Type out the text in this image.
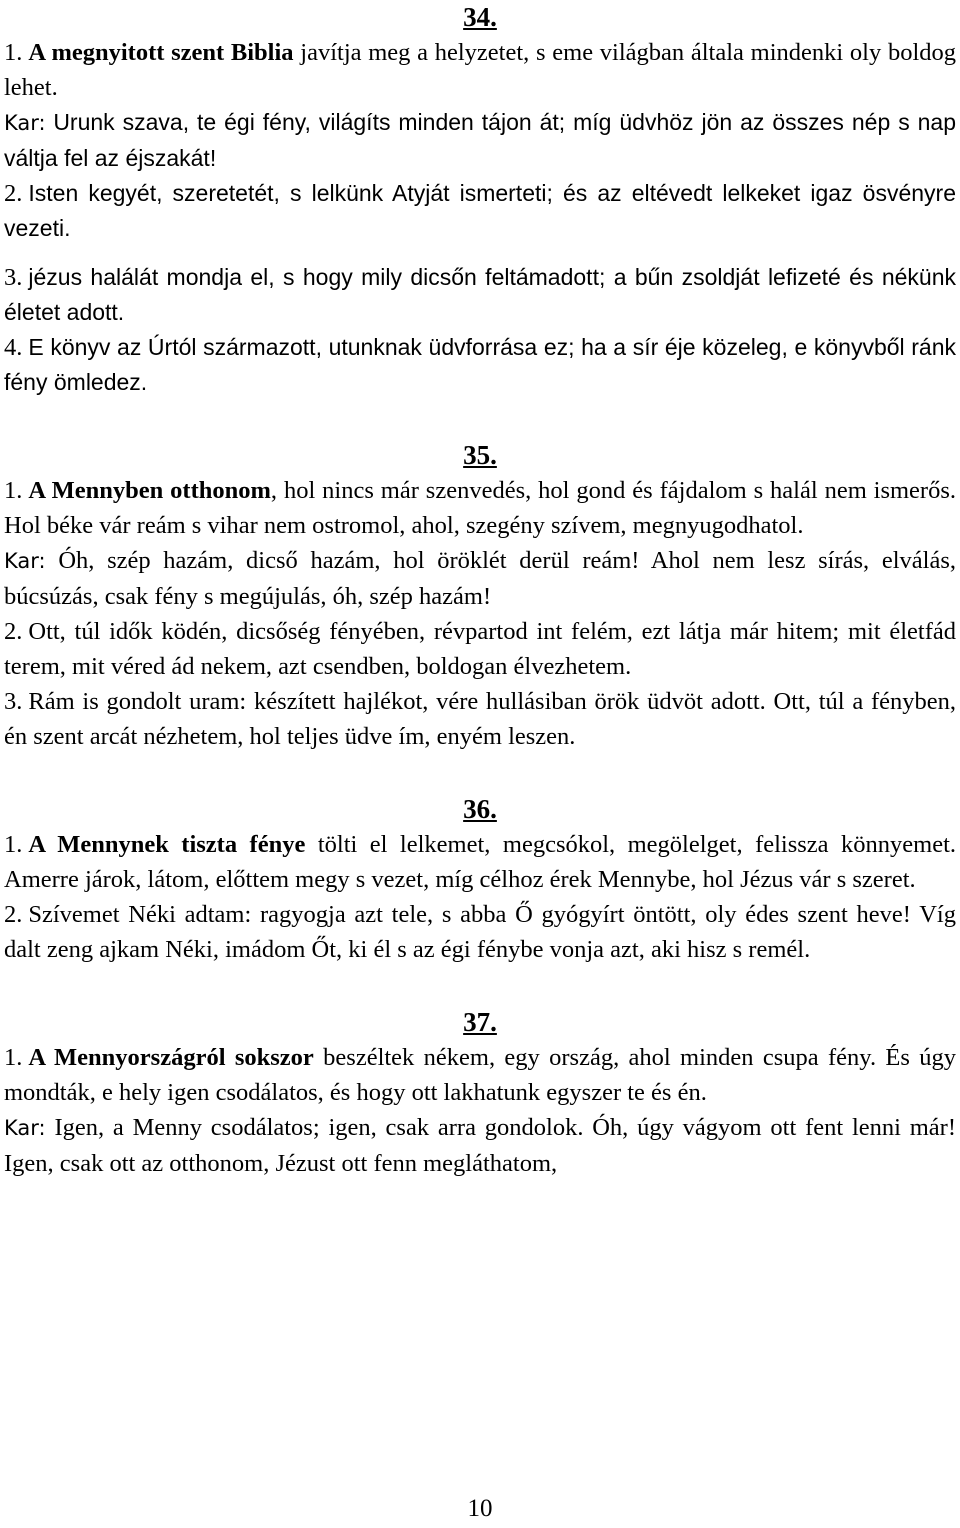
34.

1. A megnyitott szent Biblia javítja meg a helyzetet, s eme világban általa mindenki oly boldog lehet.

Kar: Urunk szava, te égi fény, világíts minden tájon át; míg üdvhöz jön az összes nép s nap váltja fel az éjszakát!

2. Isten kegyét, szeretetét, s lelkünk Atyját ismerteti; és az eltévedt lelkeket igaz ösvényre vezeti.

3. jézus halálát mondja el, s hogy mily dicsőn feltámadott; a bűn zsoldját lefizeté és nékünk életet adott.

4. E könyv az Úrtól származott, utunknak üdvforrása ez; ha a sír éje közeleg, e könyvből ránk fény ömledez.

35.

1. A Mennyben otthonom, hol nincs már szenvedés, hol gond és fájdalom s halál nem ismerős. Hol béke vár reám s vihar nem ostromol, ahol, szegény szívem, megnyugodhatol.

Kar: Óh, szép hazám, dicső hazám, hol öröklét derül reám! Ahol nem lesz sírás, elválás, búcsúzás, csak fény s megújulás, óh, szép hazám!

2. Ott, túl idők ködén, dicsőség fényében, révpartod int felém, ezt látja már hitem; mit életfád terem, mit véred ád nekem, azt csendben, boldogan élvezhetem.

3. Rám is gondolt uram: készített hajlékot, vére hullásiban örök üdvöt adott. Ott, túl a fényben, én szent arcát nézhetem, hol teljes üdve ím, enyém leszen.

36.

1. A Mennynek tiszta fénye tölti el lelkemet, megcsókol, megölelget, felissza könnyemet. Amerre járok, látom, előttem megy s vezet, míg célhoz érek Mennybe, hol Jézus vár s szeret.

2. Szívemet Néki adtam: ragyogja azt tele, s abba Ő gyógyírt öntött, oly édes szent heve! Víg dalt zeng ajkam Néki, imádom Őt, ki él s az égi fénybe vonja azt, aki hisz s remél.

37.

1. A Mennyországról sokszor beszéltek nékem, egy ország, ahol minden csupa fény. És úgy mondták, e hely igen csodálatos, és hogy ott lakhatunk egyszer te és én.

Kar: Igen, a Menny csodálatos; igen, csak arra gondolok. Óh, úgy vágyom ott fent lenni már! Igen, csak ott az otthonom, Jézust ott fenn megláthatom,

10
